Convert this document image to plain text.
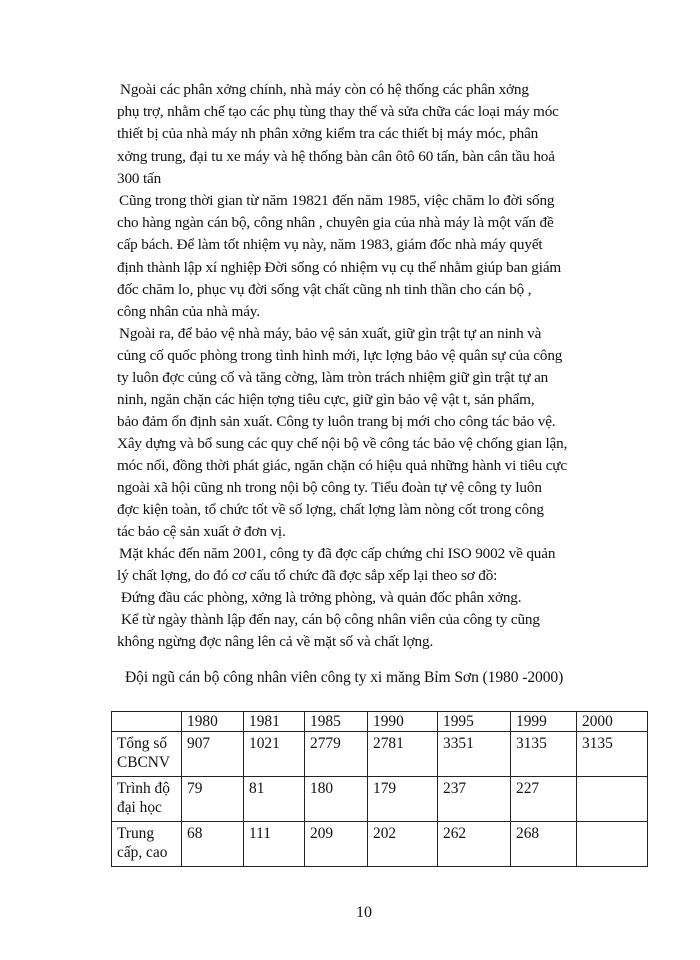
Ngoài các phân xởng chính, nhà máy còn có hệ thống các phân xởng
phụ trợ, nhằm chế tạo các phụ tùng thay thế và sửa chữa các loại máy móc
thiết bị của nhà máy nh phân xởng kiểm tra các thiết bị máy móc, phân
xởng trung, đại tu xe máy và hệ thống bàn cân ôtô 60 tấn, bàn cân tầu hoả
300 tấn
Cũng trong thời gian từ năm 19821 đến năm 1985, việc chăm lo đời sống
cho hàng ngàn cán bộ, công nhân , chuyên gia của nhà máy là một vấn đề
cấp bách. Để làm tốt nhiệm vụ này, năm 1983, giám đốc nhà máy quyết
định thành lập xí nghiệp Đời sống có nhiệm vụ cụ thể nhằm giúp ban giám
đốc chăm lo, phục vụ đời sống vật chất cũng nh tinh thần cho cán bộ ,
công nhân của nhà máy.
Ngoài ra, để bảo vệ nhà máy, bảo vệ sản xuất, giữ gìn trật tự an ninh và
củng cố quốc phòng trong tình hình mới, lực lợng bảo vệ quân sự của công
ty luôn đợc củng cố và tăng cờng, làm tròn trách nhiệm giữ gìn trật tự an
ninh, ngăn chặn các hiện tợng tiêu cực, giữ gìn bảo vệ vật t, sản phẩm,
bảo đảm ổn định sản xuất. Công ty luôn trang bị mới cho công tác bảo vệ.
Xây dựng và bổ sung các quy chế nội bộ về công tác bảo vệ chống gian lận,
móc nối, đồng thời phát giác, ngăn chặn có hiệu quả những hành vi tiêu cực
ngoài xã hội cũng nh trong nội bộ công ty. Tiểu đoàn tự vệ công ty luôn
đợc kiện toàn, tổ chức tốt về số lợng, chất lợng làm nòng cốt trong công
tác bảo cệ sản xuất ở đơn vị.
Mặt khác đến năm 2001, công ty đã đợc cấp chứng chỉ ISO 9002 về quản
lý chất lợng, do đó cơ cấu tổ chức đã đợc sắp xếp lại theo sơ đồ:
Đứng đầu các phòng, xởng là trởng phòng, và quản đốc phân xởng.
Kể từ ngày thành lập đến nay, cán bộ công nhân viên của công ty cũng
không ngừng đợc nâng lên cả về mặt số và chất lợng.
Đội ngũ cán bộ công nhân viên công ty xi măng Bỉm Sơn (1980 -2000)
	1980	1981	1985	1990	1995	1999	2000
Tổng số CBCNV	907	1021	2779	2781	3351	3135	3135
Trình độ đại học	79	81	180	179	237	227	
Trung cấp, cao	68	111	209	202	262	268	
10
